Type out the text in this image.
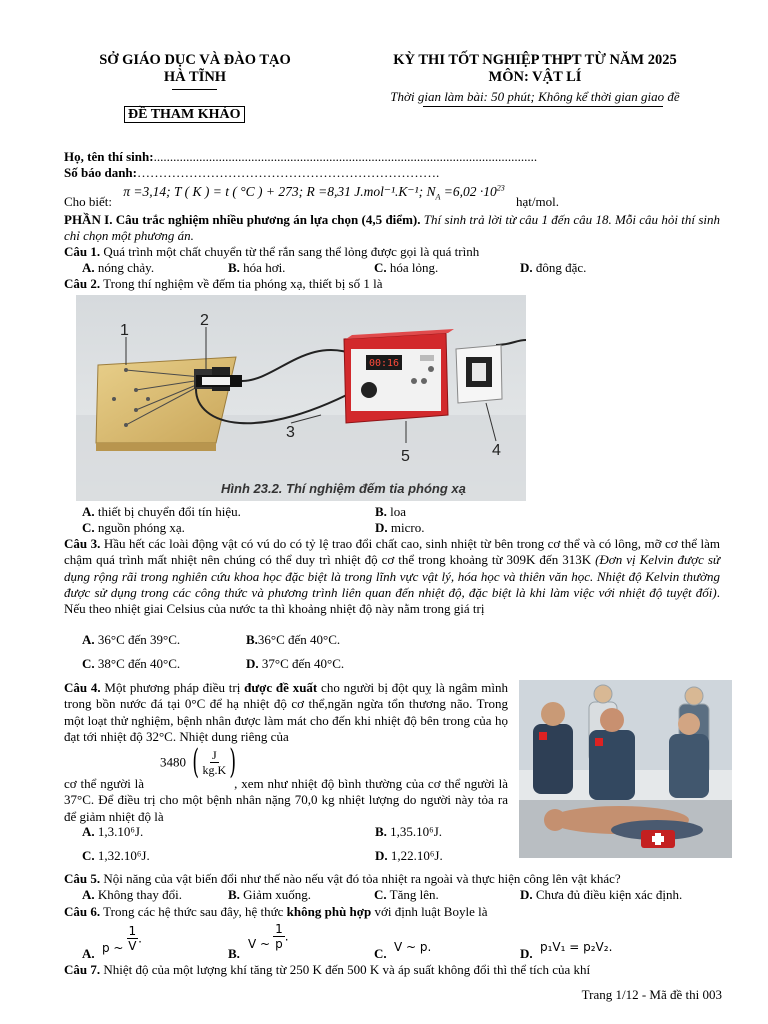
SỞ GIÁO DỤC VÀ ĐÀO TẠO
HÀ TĨNH
KỲ THI TỐT NGHIỆP THPT TỪ NĂM 2025
MÔN: VẬT LÍ
Thời gian làm bài: 50 phút; Không kể thời gian giao đề
ĐỀ THAM KHẢO
Họ, tên thí sinh:......................................................................................................................
Số báo danh:…………………………………………………………….
Cho biết: π =3,14; T ( K ) = t ( °C ) + 273; R =8,31 J.mol⁻¹.K⁻¹; $N_A =6,02 \cdot 10^{23}$ hạt/mol.
PHẦN I. Câu trắc nghiệm nhiều phương án lựa chọn (4,5 điểm). Thí sinh trả lời từ câu 1 đến câu 18. Mỗi câu hỏi thí sinh chỉ chọn một phương án.
Câu 1. Quá trình một chất chuyển từ thể rắn sang thể lỏng được gọi là quá trình
A. nóng chảy.	B. hóa hơi.	C. hóa lỏng.	D. đông đặc.
Câu 2. Trong thí nghiệm về đếm tia phóng xạ, thiết bị số 1 là
00:16
1
2
3
4
5
Hình 23.2. Thí nghiệm đếm tia phóng xạ
A. thiết bị chuyển đổi tín hiệu.	B. loa
C. nguồn phóng xạ.	D. micro.
Câu 3. Hầu hết các loài động vật có vú do có tỷ lệ trao đổi chất cao, sinh nhiệt từ bên trong cơ thể và có lông, mỡ cơ thể làm chậm quá trình mất nhiệt nên chúng có thể duy trì nhiệt độ cơ thể trong khoảng từ 309K đến 313K (Đơn vị Kelvin được sử dụng rộng rãi trong nghiên cứu khoa học đặc biệt là trong lĩnh vực vật lý, hóa học và thiên văn học. Nhiệt độ Kelvin thường được sử dụng trong các công thức và phương trình liên quan đến nhiệt độ, đặc biệt là khi làm việc với nhiệt độ tuyệt đối). Nếu theo nhiệt giai Celsius của nước ta thì khoảng nhiệt độ này nằm trong giá trị
A. 36°C đến 39°C.	B.36°C đến 40°C.
C. 38°C đến 40°C.	D. 37°C đến 40°C.
Câu 4. Một phương pháp điều trị được đề xuất cho người bị đột quỵ là ngâm mình trong bồn nước đá tại 0°C để hạ nhiệt độ cơ thể,ngăn ngừa tổn thương não. Trong một loạt thử nghiệm, bệnh nhân được làm mát cho đến khi nhiệt độ bên trong của họ đạt tới nhiệt độ 32°C. Nhiệt dung riêng của
3480 ( $\frac{J}{kg.K}$ )
cơ thể người là	, xem như nhiệt độ bình thường của cơ thể người là 37°C. Để điều trị cho một bệnh nhân nặng 70,0 kg nhiệt lượng do người này tỏa ra để giảm nhiệt độ là
A. 1,3.10⁶J.	B. 1,35.10⁶J.
C. 1,32.10⁶J.	D. 1,22.10⁶J.
Câu 5. Nội năng của vật biến đổi như thế nào nếu vật đó tỏa nhiệt ra ngoài và thực hiện công lên vật khác?
A. Không thay đổi.	B. Giảm xuống.	C. Tăng lên.	D. Chưa đủ điều kiện xác định.
Câu 6. Trong các hệ thức sau đây, hệ thức không phù hợp với định luật Boyle là
A. p ~ $\frac{1}{V}$ .
B.
V ~ $\frac{1}{p}$ .
C. V ~ p.	D. p₁V₁ = p₂V₂.
Câu 7. Nhiệt độ của một lượng khí tăng từ 250 K đến 500 K và áp suất không đổi thì thể tích của khí
Trang 1/12 - Mã đề thi 003
